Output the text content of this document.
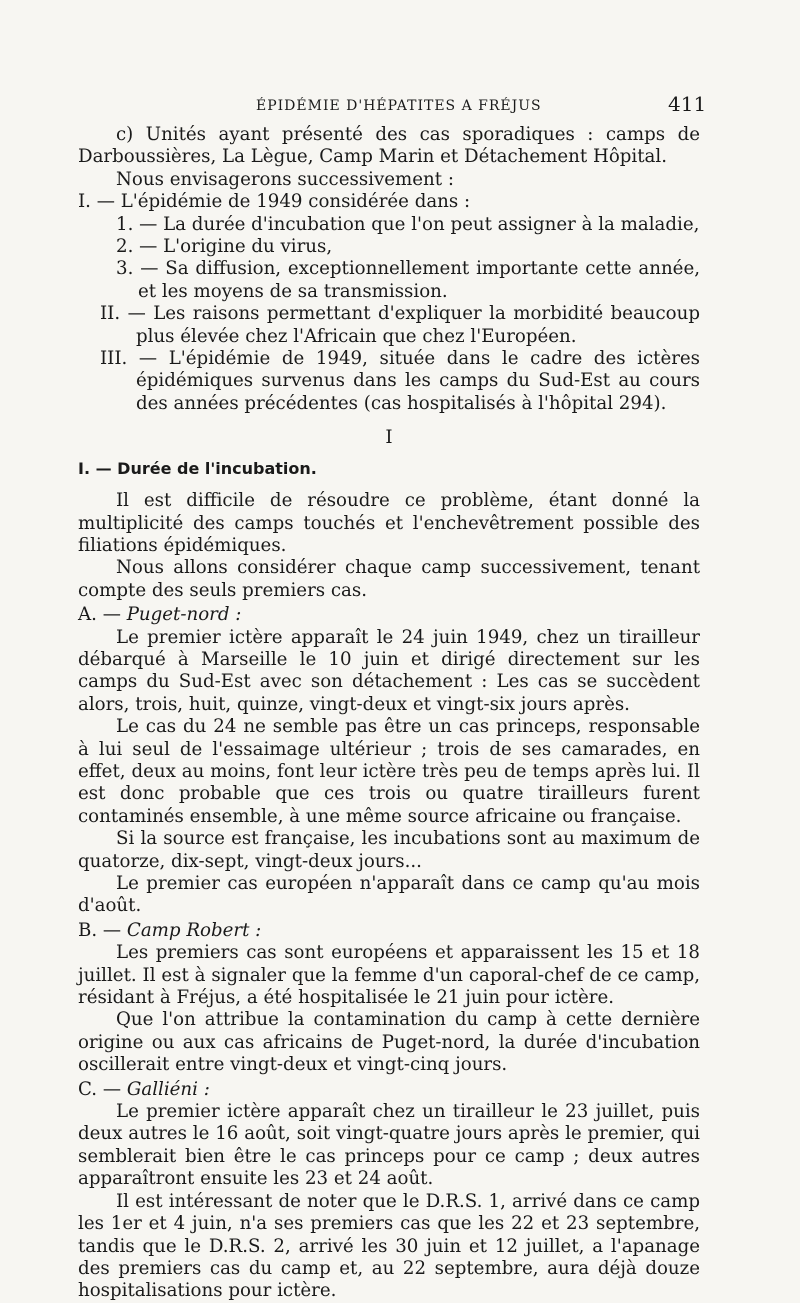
ÉPIDÉMIE D'HÉPATITES A FRÉJUS	411

c) Unités ayant présenté des cas sporadiques : camps de Darboussières, La Lègue, Camp Marin et Détachement Hôpital.

Nous envisagerons successivement :

I. — L'épidémie de 1949 considérée dans :

1. — La durée d'incubation que l'on peut assigner à la maladie,

2. — L'origine du virus,

3. — Sa diffusion, exceptionnellement importante cette année, et les moyens de sa transmission.

II. — Les raisons permettant d'expliquer la morbidité beaucoup plus élevée chez l'Africain que chez l'Européen.

III. — L'épidémie de 1949, située dans le cadre des ictères épidémiques survenus dans les camps du Sud-Est au cours des années précédentes (cas hospitalisés à l'hôpital 294).

I

I. — Durée de l'incubation.

Il est difficile de résoudre ce problème, étant donné la multiplicité des camps touchés et l'enchevêtrement possible des filiations épidémiques.

Nous allons considérer chaque camp successivement, tenant compte des seuls premiers cas.

A. — Puget-nord :

Le premier ictère apparaît le 24 juin 1949, chez un tirailleur débarqué à Marseille le 10 juin et dirigé directement sur les camps du Sud-Est avec son détachement : Les cas se succèdent alors, trois, huit, quinze, vingt-deux et vingt-six jours après.

Le cas du 24 ne semble pas être un cas princeps, responsable à lui seul de l'essaimage ultérieur ; trois de ses camarades, en effet, deux au moins, font leur ictère très peu de temps après lui. Il est donc probable que ces trois ou quatre tirailleurs furent contaminés ensemble, à une même source africaine ou française.

Si la source est française, les incubations sont au maximum de quatorze, dix-sept, vingt-deux jours...

Le premier cas européen n'apparaît dans ce camp qu'au mois d'août.

B. — Camp Robert :

Les premiers cas sont européens et apparaissent les 15 et 18 juillet. Il est à signaler que la femme d'un caporal-chef de ce camp, résidant à Fréjus, a été hospitalisée le 21 juin pour ictère.

Que l'on attribue la contamination du camp à cette dernière origine ou aux cas africains de Puget-nord, la durée d'incubation oscillerait entre vingt-deux et vingt-cinq jours.

C. — Galliéni :

Le premier ictère apparaît chez un tirailleur le 23 juillet, puis deux autres le 16 août, soit vingt-quatre jours après le premier, qui semblerait bien être le cas princeps pour ce camp ; deux autres apparaîtront ensuite les 23 et 24 août.

Il est intéressant de noter que le D.R.S. 1, arrivé dans ce camp les 1er et 4 juin, n'a ses premiers cas que les 22 et 23 septembre, tandis que le D.R.S. 2, arrivé les 30 juin et 12 juillet, a l'apanage des premiers cas du camp et, au 22 septembre, aura déjà douze hospitalisations pour ictère.
